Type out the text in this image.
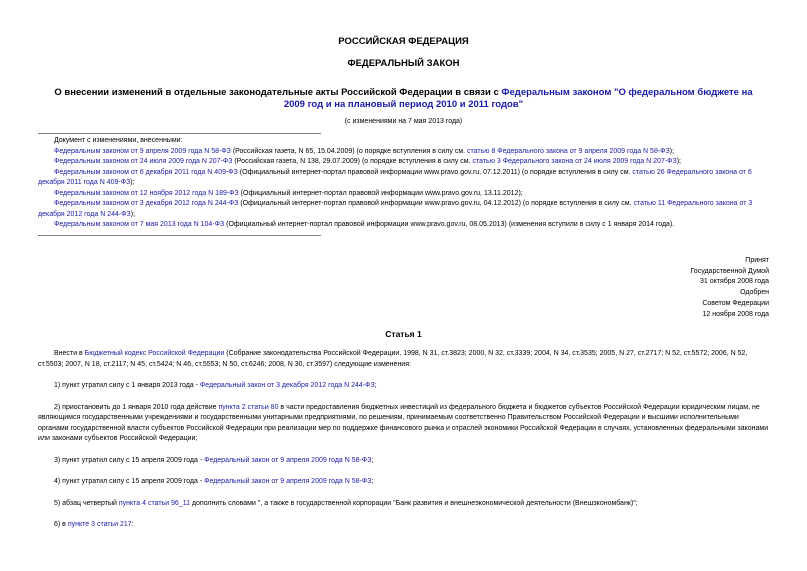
РОССИЙСКАЯ ФЕДЕРАЦИЯ
ФЕДЕРАЛЬНЫЙ ЗАКОН
О внесении изменений в отдельные законодательные акты Российской Федерации в связи с Федеральным законом "О федеральном бюджете на 2009 год и на плановый период 2010 и 2011 годов"
(с изменениями на 7 мая 2013 года)
Документ с изменениями, внесенными:
Федеральным законом от 9 апреля 2009 года N 58-ФЗ (Российская газета, N 65, 15.04.2009) (о порядке вступления в силу см. статью 8 Федерального закона от 9 апреля 2009 года N 58-ФЗ);
Федеральным законом от 24 июля 2009 года N 207-ФЗ (Российская газета, N 138, 29.07.2009) (о порядке вступления в силу см. статью 3 Федерального закона от 24 июля 2009 года N 207-ФЗ);
Федеральным законом от 6 декабря 2011 года N 409-ФЗ (Официальный интернет-портал правовой информации www.pravo.gov.ru, 07.12.2011) (о порядке вступления в силу см. статью 26 Федерального закона от 6 декабря 2011 года N 409-ФЗ);
Федеральным законом от 12 ноября 2012 года N 189-ФЗ (Официальный интернет-портал правовой информации www.pravo.gov.ru, 13.11.2012);
Федеральным законом от 3 декабря 2012 года N 244-ФЗ (Официальный интернет-портал правовой информации www.pravo.gov.ru, 04.12.2012) (о порядке вступления в силу см. статью 11 Федерального закона от 3 декабря 2012 года N 244-ФЗ);
Федеральным законом от 7 мая 2013 года N 104-ФЗ (Официальный интернет-портал правовой информации www.pravo.gov.ru, 08.05.2013) (изменения вступили в силу с 1 января 2014 года).
Принят
Государственной Думой
31 октября 2008 года
Одобрен
Советом Федерации
12 ноября 2008 года
Статья 1

Внести в Бюджетный кодекс Российской Федерации (Собрание законодательства Российской Федерации, 1998, N 31, ст.3823; 2000, N 32, ст.3339; 2004, N 34, ст.3535; 2005, N 27, ст.2717; N 52, ст.5572; 2006, N 52, ст.5503; 2007, N 18, ст.2117; N 45, ст.5424; N 46, ст.5553; N 50, ст.6246; 2008, N 30, ст.3597) следующие изменения:

1) пункт утратил силу с 1 января 2013 года - Федеральный закон от 3 декабря 2012 года N 244-ФЗ;

2) приостановить до 1 января 2010 года действие пункта 2 статьи 80 в части предоставления бюджетных инвестиций из федерального бюджета и бюджетов субъектов Российской Федерации юридическим лицам, не являющимся государственными учреждениями и государственными унитарными предприятиями, по решениям, принимаемым соответственно Правительством Российской Федерации и высшими исполнительными органами государственной власти субъектов Российской Федерации при реализации мер по поддержке финансового рынка и отраслей экономики Российской Федерации в случаях, установленных федеральными законами или законами субъектов Российской Федерации;

3) пункт утратил силу с 15 апреля 2009 года - Федеральный закон от 9 апреля 2009 года N 58-ФЗ;

4) пункт утратил силу с 15 апреля 2009 года - Федеральный закон от 9 апреля 2009 года N 58-ФЗ;

5) абзац четвертый пункта 4 статьи 96_11 дополнить словами ", а также в государственной корпорации "Банк развития и внешнеэкономической деятельности (Внешэкономбанк)";

6) в пункте 3 статьи 217:
